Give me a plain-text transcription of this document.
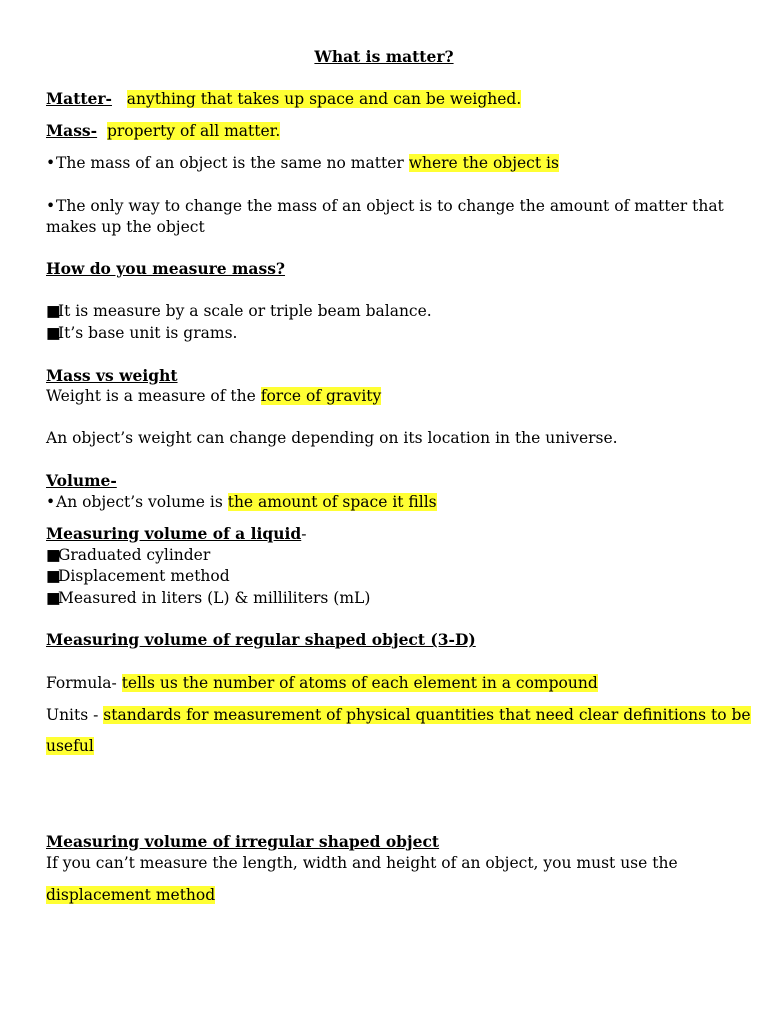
What is matter?
Matter- anything that takes up space and can be weighed.
Mass- property of all matter.
•The mass of an object is the same no matter where the object is
•The only way to change the mass of an object is to change the amount of matter that
makes up the object
How do you measure mass?
■It is measure by a scale or triple beam balance.
■It’s base unit is grams.
Mass vs weight
Weight is a measure of the force of gravity
An object’s weight can change depending on its location in the universe.
Volume-
•An object’s volume is the amount of space it fills
Measuring volume of a liquid-
■Graduated cylinder
■Displacement method
■Measured in liters (L) & milliliters (mL)
Measuring volume of regular shaped object (3-D)
Formula- tells us the number of atoms of each element in a compound
Units - standards for measurement of physical quantities that need clear definitions to be
useful
Measuring volume of irregular shaped object
If you can’t measure the length, width and height of an object, you must use the
displacement method
